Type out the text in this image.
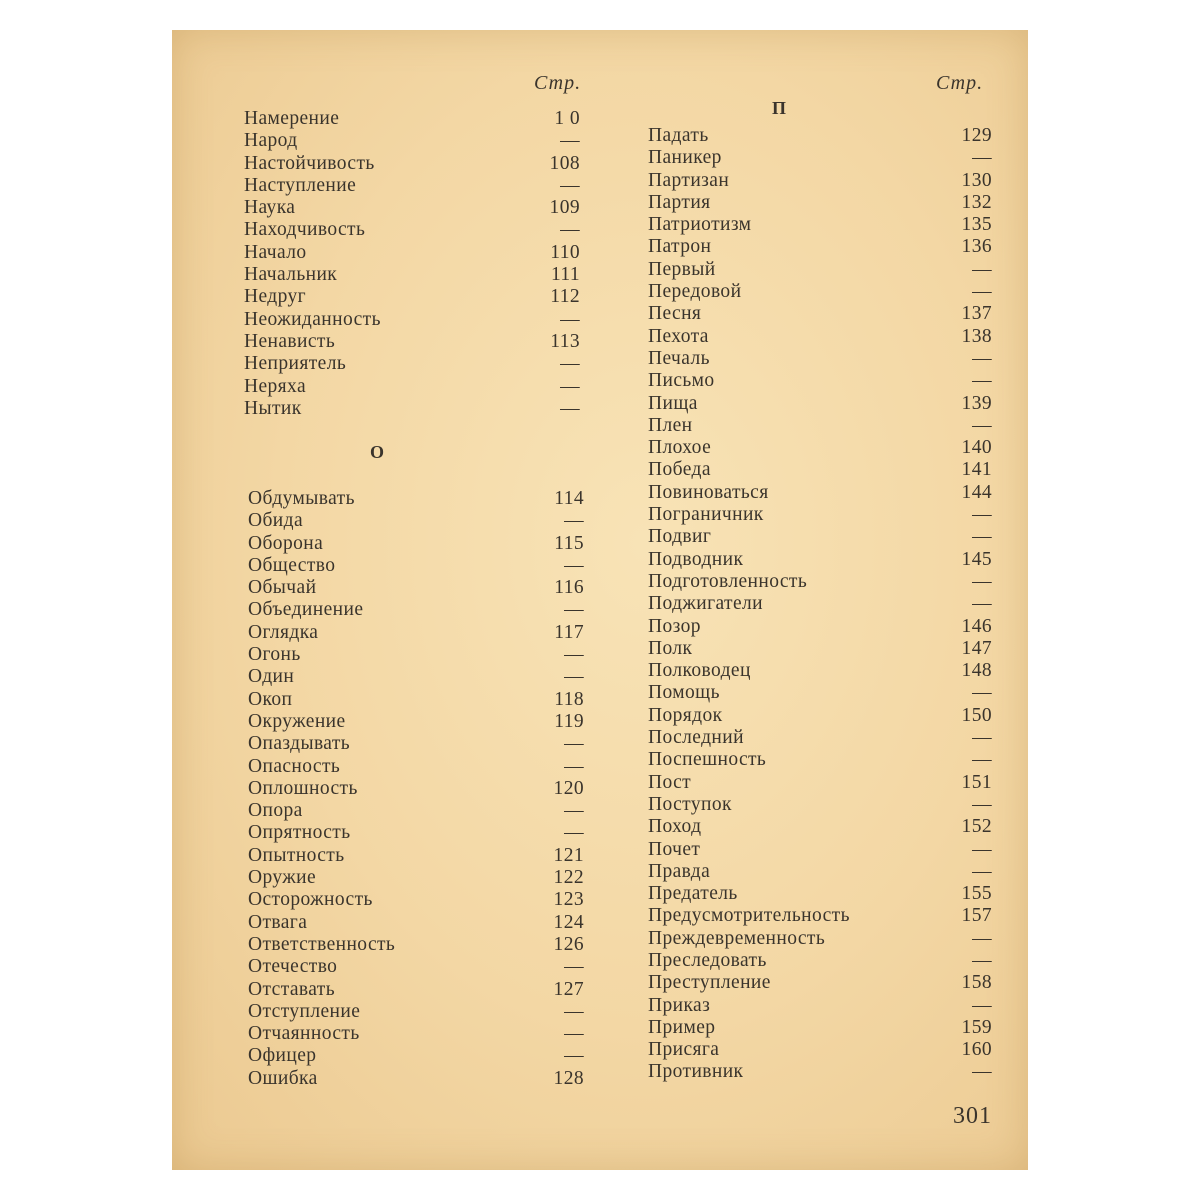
Стр.	Стр.
Намерение	1 0
Народ	—
Настойчивость	108
Наступление	—
Наука	109
Находчивость	—
Начало	110
Начальник	111
Недруг	112
Неожиданность	—
Ненависть	113
Неприятель	—
Неряха	—
Нытик	—
О
Обдумывать	114
Обида	—
Оборона	115
Общество	—
Обычай	116
Объединение	—
Оглядка	117
Огонь	—
Один	—
Окоп	118
Окружение	119
Опаздывать	—
Опасность	—
Оплошность	120
Опора	—
Опрятность	—
Опытность	121
Оружие	122
Осторожность	123
Отвага	124
Ответственность	126
Отечество	—
Отставать	127
Отступление	—
Отчаянность	—
Офицер	—
Ошибка	128
П
Падать	129
Паникер	—
Партизан	130
Партия	132
Патриотизм	135
Патрон	136
Первый	—
Передовой	—
Песня	137
Пехота	138
Печаль	—
Письмо	—
Пища	139
Плен	—
Плохое	140
Победа	141
Повиноваться	144
Пограничник	—
Подвиг	—
Подводник	145
Подготовленность	—
Поджигатели	—
Позор	146
Полк	147
Полководец	148
Помощь	—
Порядок	150
Последний	—
Поспешность	—
Пост	151
Поступок	—
Поход	152
Почет	—
Правда	—
Предатель	155
Предусмотрительность	157
Преждевременность	—
Преследовать	—
Преступление	158
Приказ	—
Пример	159
Присяга	160
Противник	—
301
